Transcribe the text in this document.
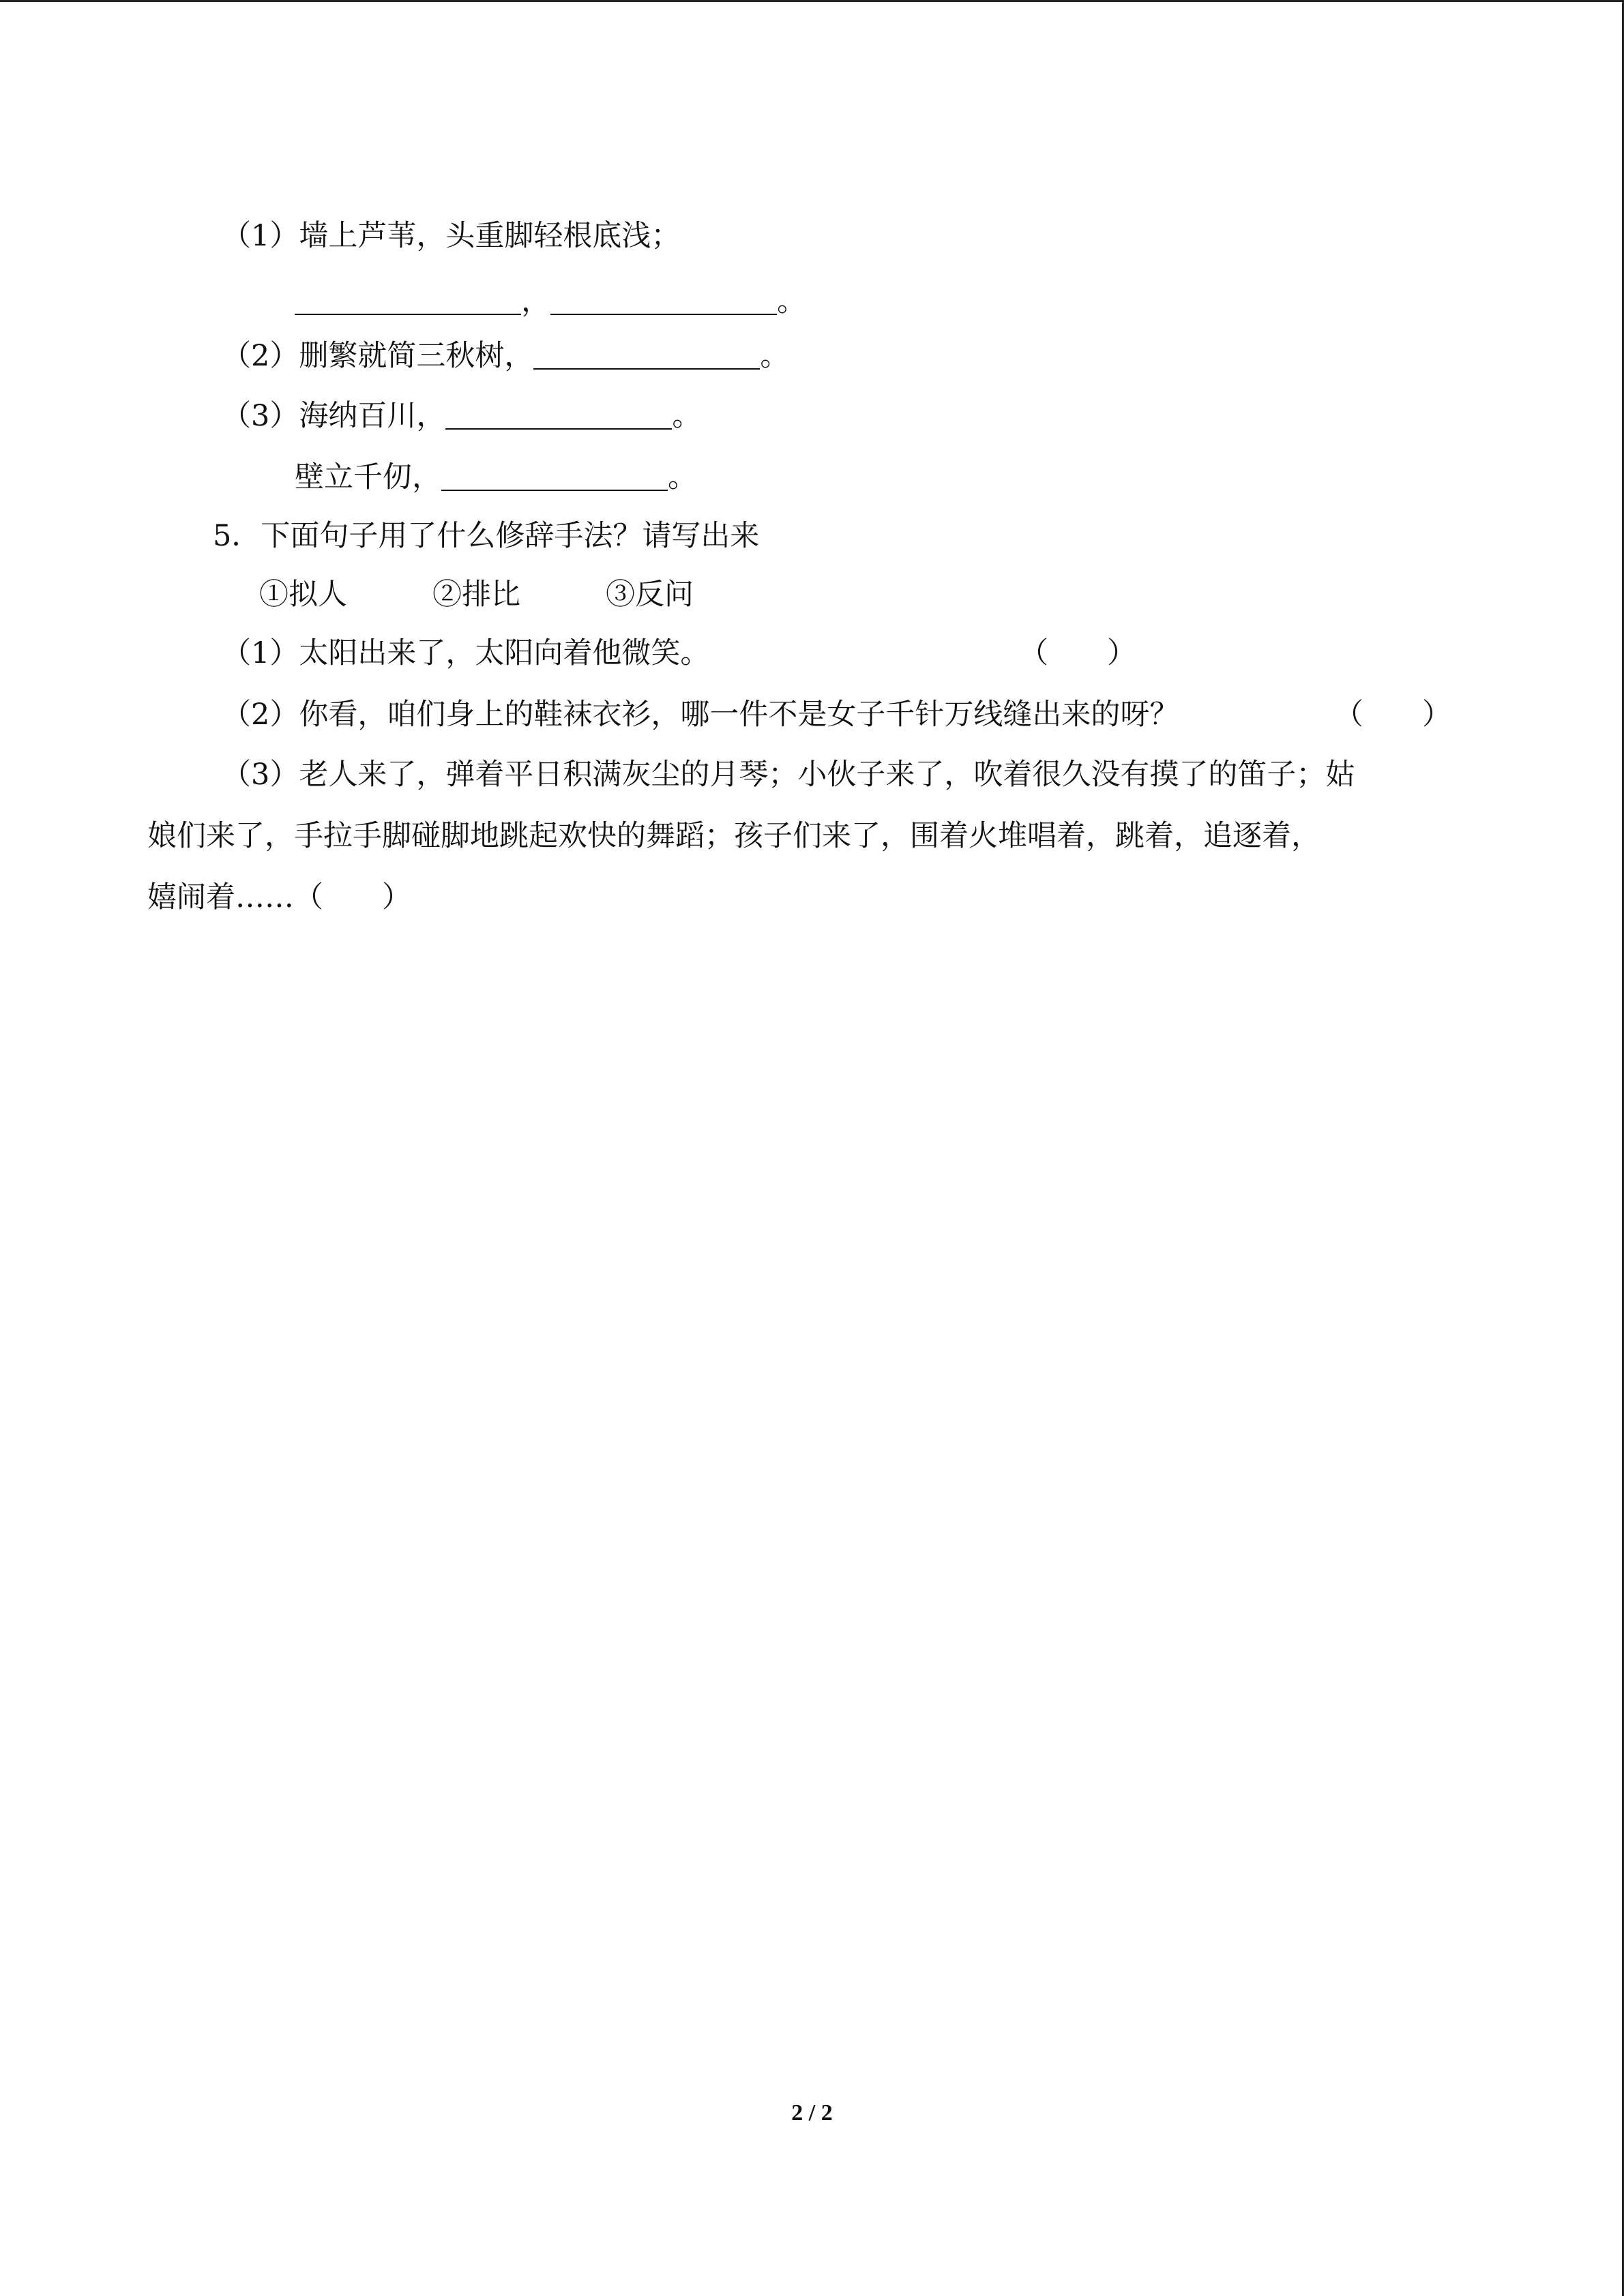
（1）墙上芦苇，头重脚轻根底浅；
，	。
（2）删繁就简三秋树，	。
（3）海纳百川，	。
壁立千仞，	。
5．下面句子用了什么修辞手法？请写出来
①拟人	②排比	③反问
（1）太阳出来了，太阳向着他微笑。	（　　）
（2）你看，咱们身上的鞋袜衣衫，哪一件不是女子千针万线缝出来的呀？	（　　）
（3）老人来了，弹着平日积满灰尘的月琴；小伙子来了，吹着很久没有摸了的笛子；姑
娘们来了，手拉手脚碰脚地跳起欢快的舞蹈；孩子们来了，围着火堆唱着，跳着，追逐着，
嬉闹着……（　　）
2 / 2
